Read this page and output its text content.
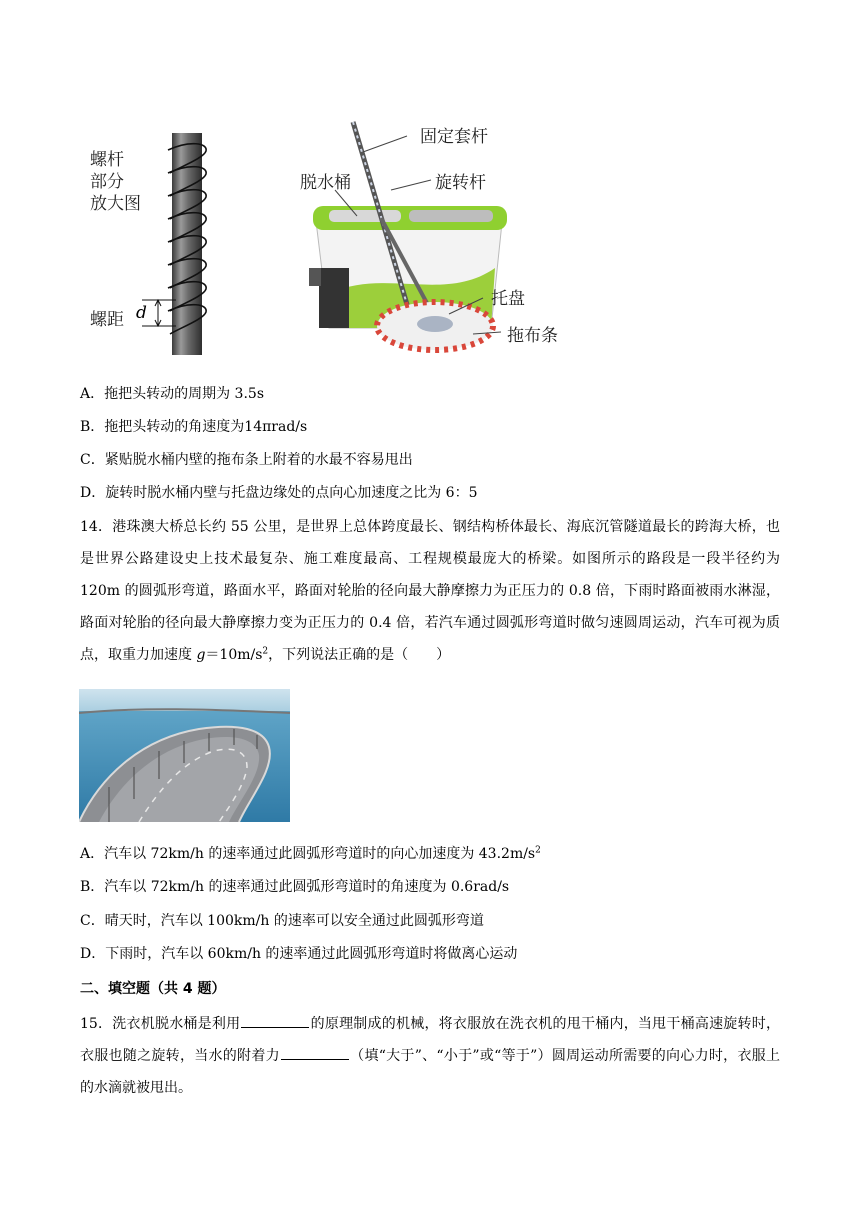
螺杆
部分
放大图
螺距 d
固定套杆
脱水桶	旋转杆
托盘
拖布条
A．拖把头转动的周期为 3.5s
B．拖把头转动的角速度为14πrad/s
C．紧贴脱水桶内壁的拖布条上附着的水最不容易甩出
D．旋转时脱水桶内壁与托盘边缘处的点向心加速度之比为 6：5
14．港珠澳大桥总长约 55 公里，是世界上总体跨度最长、钢结构桥体最长、海底沉管隧道最长的跨海大桥，也是世界公路建设史上技术最复杂、施工难度最高、工程规模最庞大的桥梁。如图所示的路段是一段半径约为 120m 的圆弧形弯道，路面水平，路面对轮胎的径向最大静摩擦力为正压力的 0.8 倍，下雨时路面被雨水淋湿，路面对轮胎的径向最大静摩擦力变为正压力的 0.4 倍，若汽车通过圆弧形弯道时做匀速圆周运动，汽车可视为质点，取重力加速度 $g=10m/s^2$，下列说法正确的是（　　）
A．汽车以 72km/h 的速率通过此圆弧形弯道时的向心加速度为 $43.2m/s^2$
B．汽车以 72km/h 的速率通过此圆弧形弯道时的角速度为 0.6rad/s
C．晴天时，汽车以 100km/h 的速率可以安全通过此圆弧形弯道
D．下雨时，汽车以 60km/h 的速率通过此圆弧形弯道时将做离心运动
二、填空题（共 4 题）
15．洗衣机脱水桶是利用	的原理制成的机械，将衣服放在洗衣机的甩干桶内，当甩干桶高速旋转时，衣服也随之旋转，当水的附着力	（填“大于”、“小于”或“等于”）圆周运动所需要的向心力时，衣服上的水滴就被甩出。
